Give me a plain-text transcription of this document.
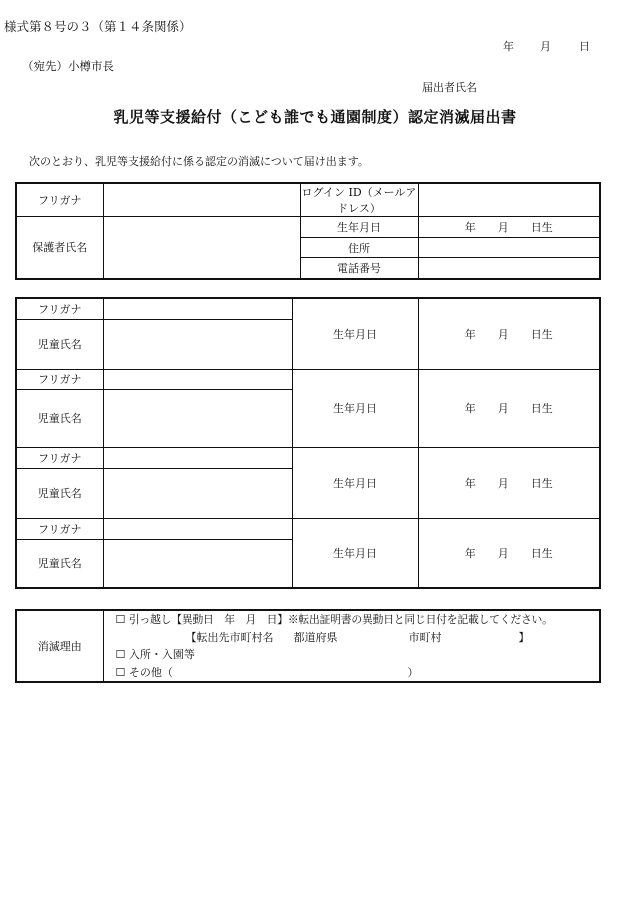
様式第８号の３（第１４条関係）
年 月	日
（宛先）小樽市長
届出者氏名
乳児等支援給付（こども誰でも通園制度）認定消滅届出書
次のとおり、乳児等支援給付に係る認定の消滅について届け出ます。
フリガナ		ログイン ID（メールアドレス）	
保護者氏名		生年月日	年　　月　　日生
		住所	
		電話番号	
フリガナ		生年月日	年　　月　　日生
児童氏名			
フリガナ		生年月日	年　　月　　日生
児童氏名			
フリガナ		生年月日	年　　月　　日生
児童氏名			
フリガナ		生年月日	年　　月　　日生
児童氏名			
消滅理由	
☐ 引っ越し【異動日　年　月　日】※転出証明書の異動日と同じ日付を記載してください。
【転出先市町村名 都道府県	市町村	】
☐ 入所・入園等
☐ その他（	）
